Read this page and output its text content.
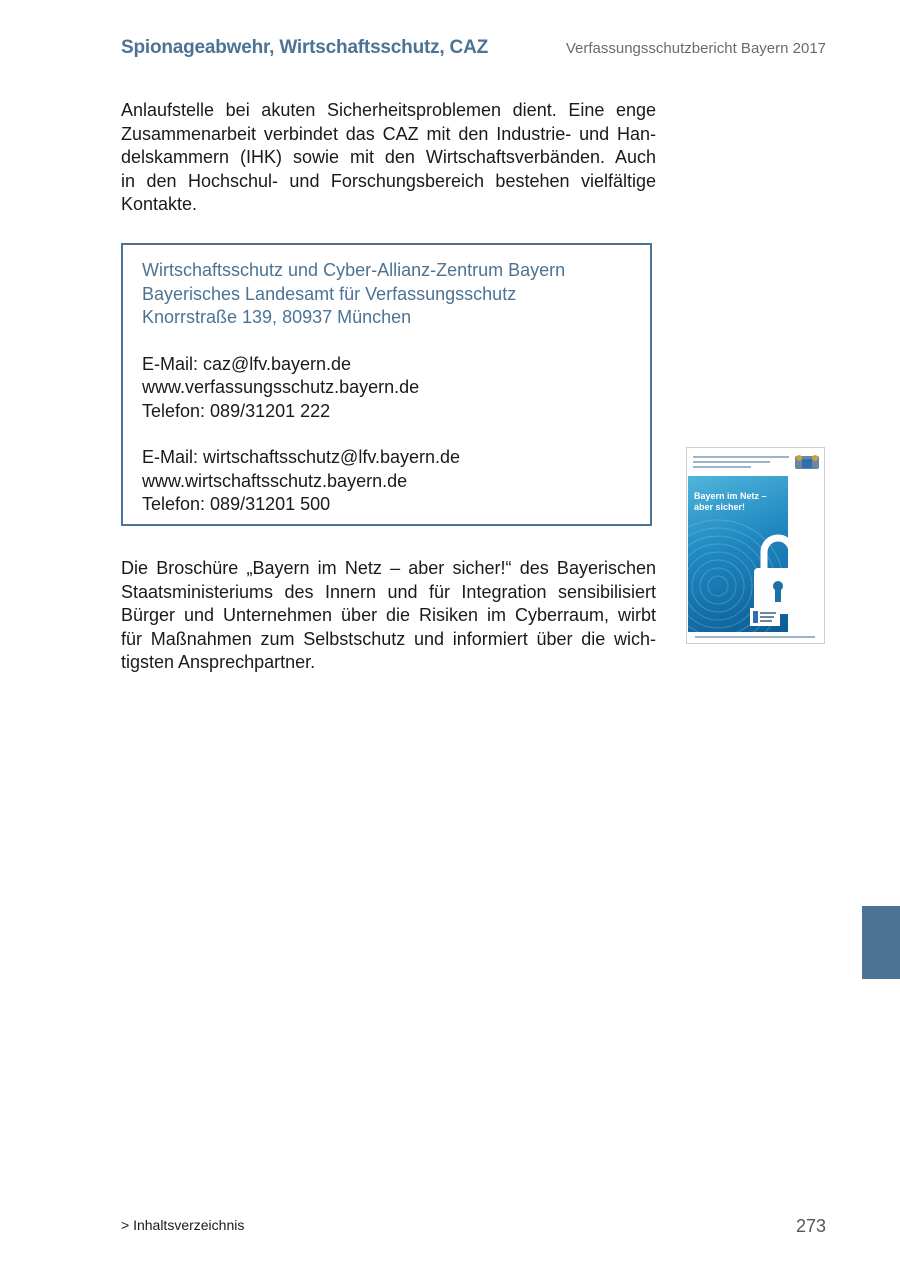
Spionageabwehr, Wirtschaftsschutz, CAZ	Verfassungsschutzbericht Bayern 2017

Anlaufstelle bei akuten Sicherheitsproblemen dient. Eine enge
Zusammenarbeit verbindet das CAZ mit den Industrie- und Han-
delskammern (IHK) sowie mit den Wirtschaftsverbänden. Auch
in den Hochschul- und Forschungsbereich bestehen vielfältige
Kontakte.

Wirtschaftsschutz und Cyber-Allianz-Zentrum Bayern
Bayerisches Landesamt für Verfassungsschutz
Knorrstraße 139, 80937 München

E-Mail: caz@lfv.bayern.de
www.verfassungsschutz.bayern.de
Telefon: 089/31201 222
E-Mail: wirtschaftsschutz@lfv.bayern.de
www.wirtschaftsschutz.bayern.de
Telefon: 089/31201 500

Die Broschüre „Bayern im Netz – aber sicher!“ des Bayerischen
Staatsministeriums des Innern und für Integration sensibilisiert
Bürger und Unternehmen über die Risiken im Cyberraum, wirbt
für Maßnahmen zum Selbstschutz und informiert über die wich-
tigsten Ansprechpartner.

Bayern im Netz –
aber sicher!
> Inhaltsverzeichnis	273
